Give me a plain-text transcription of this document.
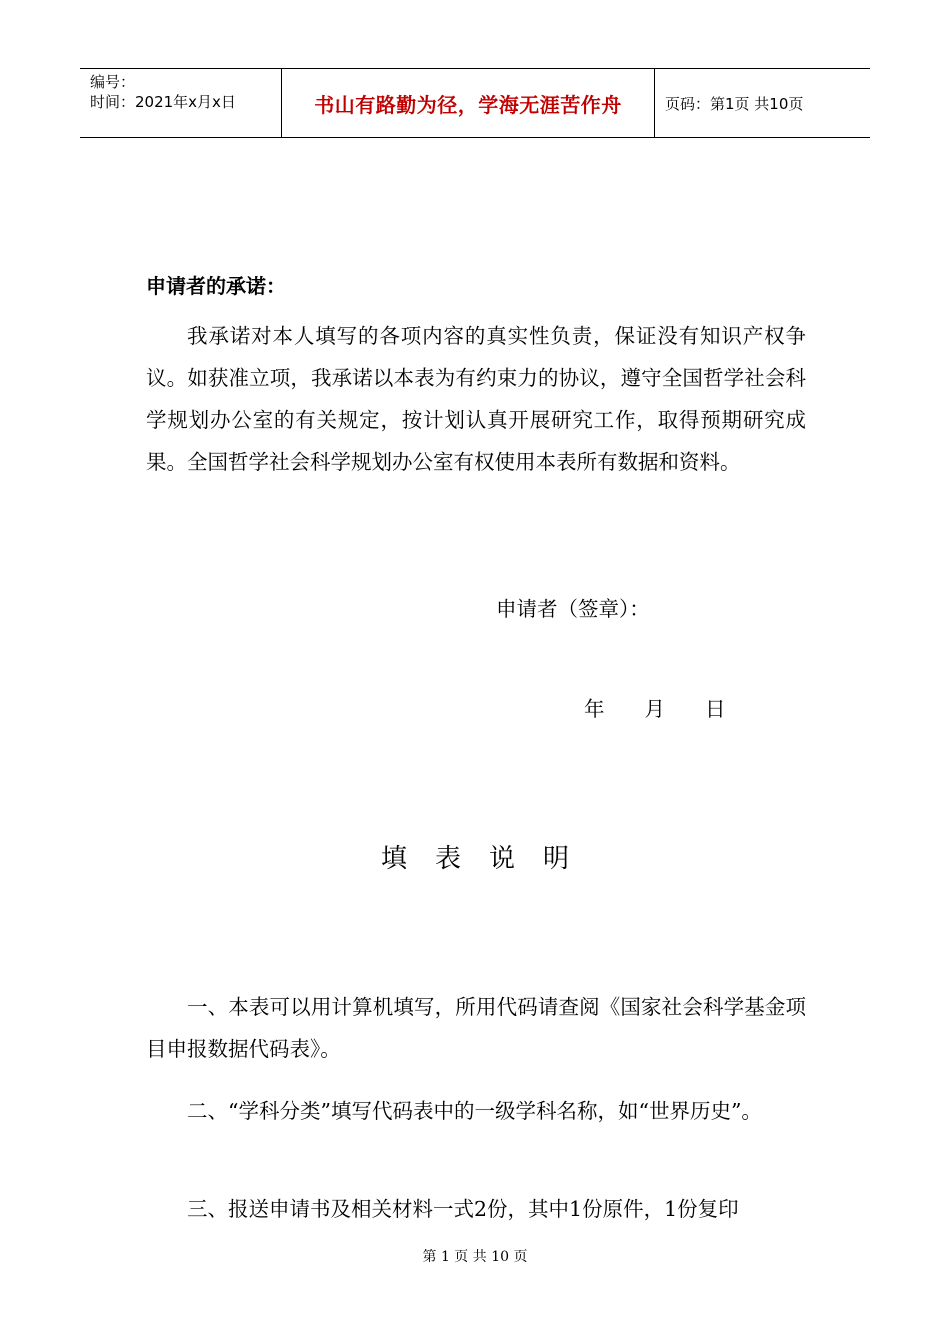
编号：
时间：2021年x月x日	书山有路勤为径，学海无涯苦作舟	页码：第1页 共10页
申请者的承诺：

我承诺对本人填写的各项内容的真实性负责，保证没有知识产权争议。如获准立项，我承诺以本表为有约束力的协议，遵守全国哲学社会科学规划办公室的有关规定，按计划认真开展研究工作，取得预期研究成果。全国哲学社会科学规划办公室有权使用本表所有数据和资料。

申请者（签章）：
年 月 日
填表说明

一、本表可以用计算机填写，所用代码请查阅《国家社会科学基金项目申报数据代码表》。

二、“学科分类”填写代码表中的一级学科名称，如“世界历史”。

三、报送申请书及相关材料一式2份，其中1份原件，1份复印

第 1 页 共 10 页
